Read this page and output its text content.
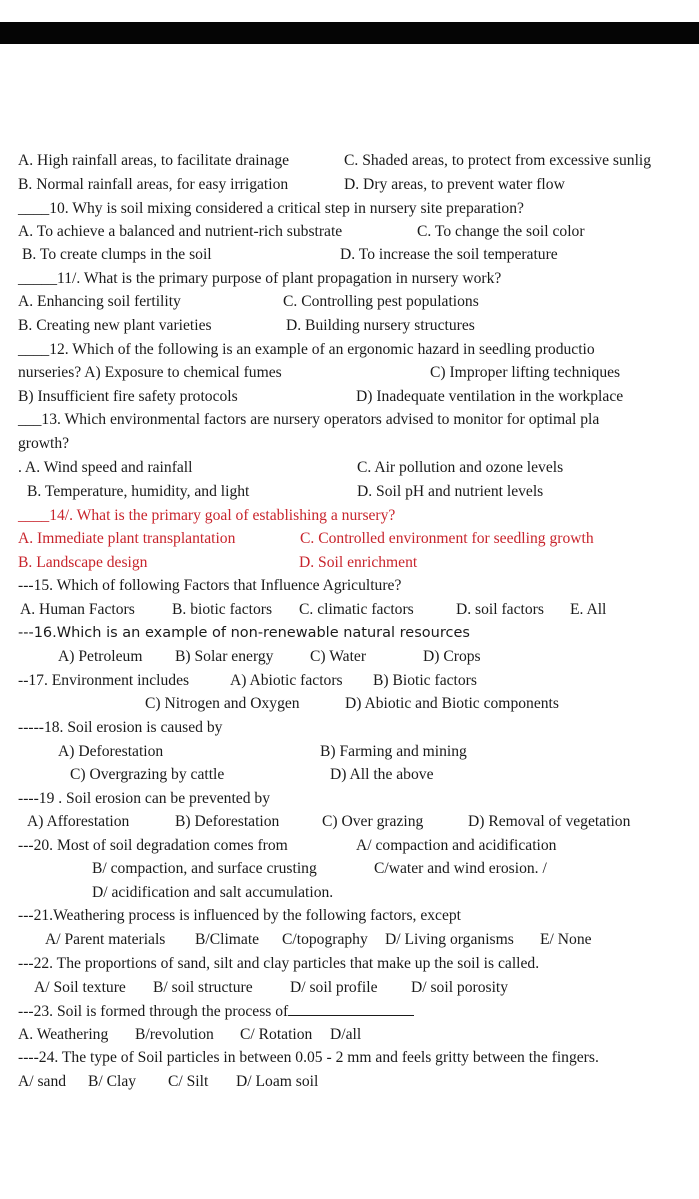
A. High rainfall areas, to facilitate drainage	C. Shaded areas, to protect from excessive sunlig
B. Normal rainfall areas, for easy irrigation	D. Dry areas, to prevent water flow
____10. Why is soil mixing considered a critical step in nursery site preparation?
A. To achieve a balanced and nutrient-rich substrate	C. To change the soil color
B. To create clumps in the soil	D. To increase the soil temperature
_____11/. What is the primary purpose of plant propagation in nursery work?
A. Enhancing soil fertility	C. Controlling pest populations
B. Creating new plant varieties	D. Building nursery structures
____12. Which of the following is an example of an ergonomic hazard in seedling productio
nurseries? A) Exposure to chemical fumes	C) Improper lifting techniques
B) Insufficient fire safety protocols	D) Inadequate ventilation in the workplace
___13. Which environmental factors are nursery operators advised to monitor for optimal pla
growth?
. A. Wind speed and rainfall	C. Air pollution and ozone levels
B. Temperature, humidity, and light	D. Soil pH and nutrient levels
____14/. What is the primary goal of establishing a nursery?
A. Immediate plant transplantation	C. Controlled environment for seedling growth
B. Landscape design	D. Soil enrichment
---15. Which of following Factors that Influence Agriculture?
A. Human Factors B. biotic factors C. climatic factors	D. soil factors E. All
---16.Which is an example of non-renewable natural resources
A) Petroleum B) Solar energy C) Water	D) Crops
--17. Environment includes	A) Abiotic factors B) Biotic factors
C) Nitrogen and Oxygen	D) Abiotic and Biotic components
-----18. Soil erosion is caused by
A) Deforestation	B) Farming and mining
C) Overgrazing by cattle	D) All the above
----19 . Soil erosion can be prevented by
A) Afforestation	B) Deforestation	C) Over grazing	D) Removal of vegetation
---20. Most of soil degradation comes from	A/ compaction and acidification
B/ compaction, and surface crusting	C/water and wind erosion. /
D/ acidification and salt accumulation.
---21.Weathering process is influenced by the following factors, except
A/ Parent materials B/Climate C/topography D/ Living organisms E/ None
---22. The proportions of sand, silt and clay particles that make up the soil is called.
A/ Soil texture B/ soil structure D/ soil profile D/ soil porosity
---23. Soil is formed through the process of
A. Weathering B/revolution C/ Rotation D/all
----24. The type of Soil particles in between 0.05 - 2 mm and feels gritty between the fingers.
A/ sand B/ Clay C/ Silt D/ Loam soil
